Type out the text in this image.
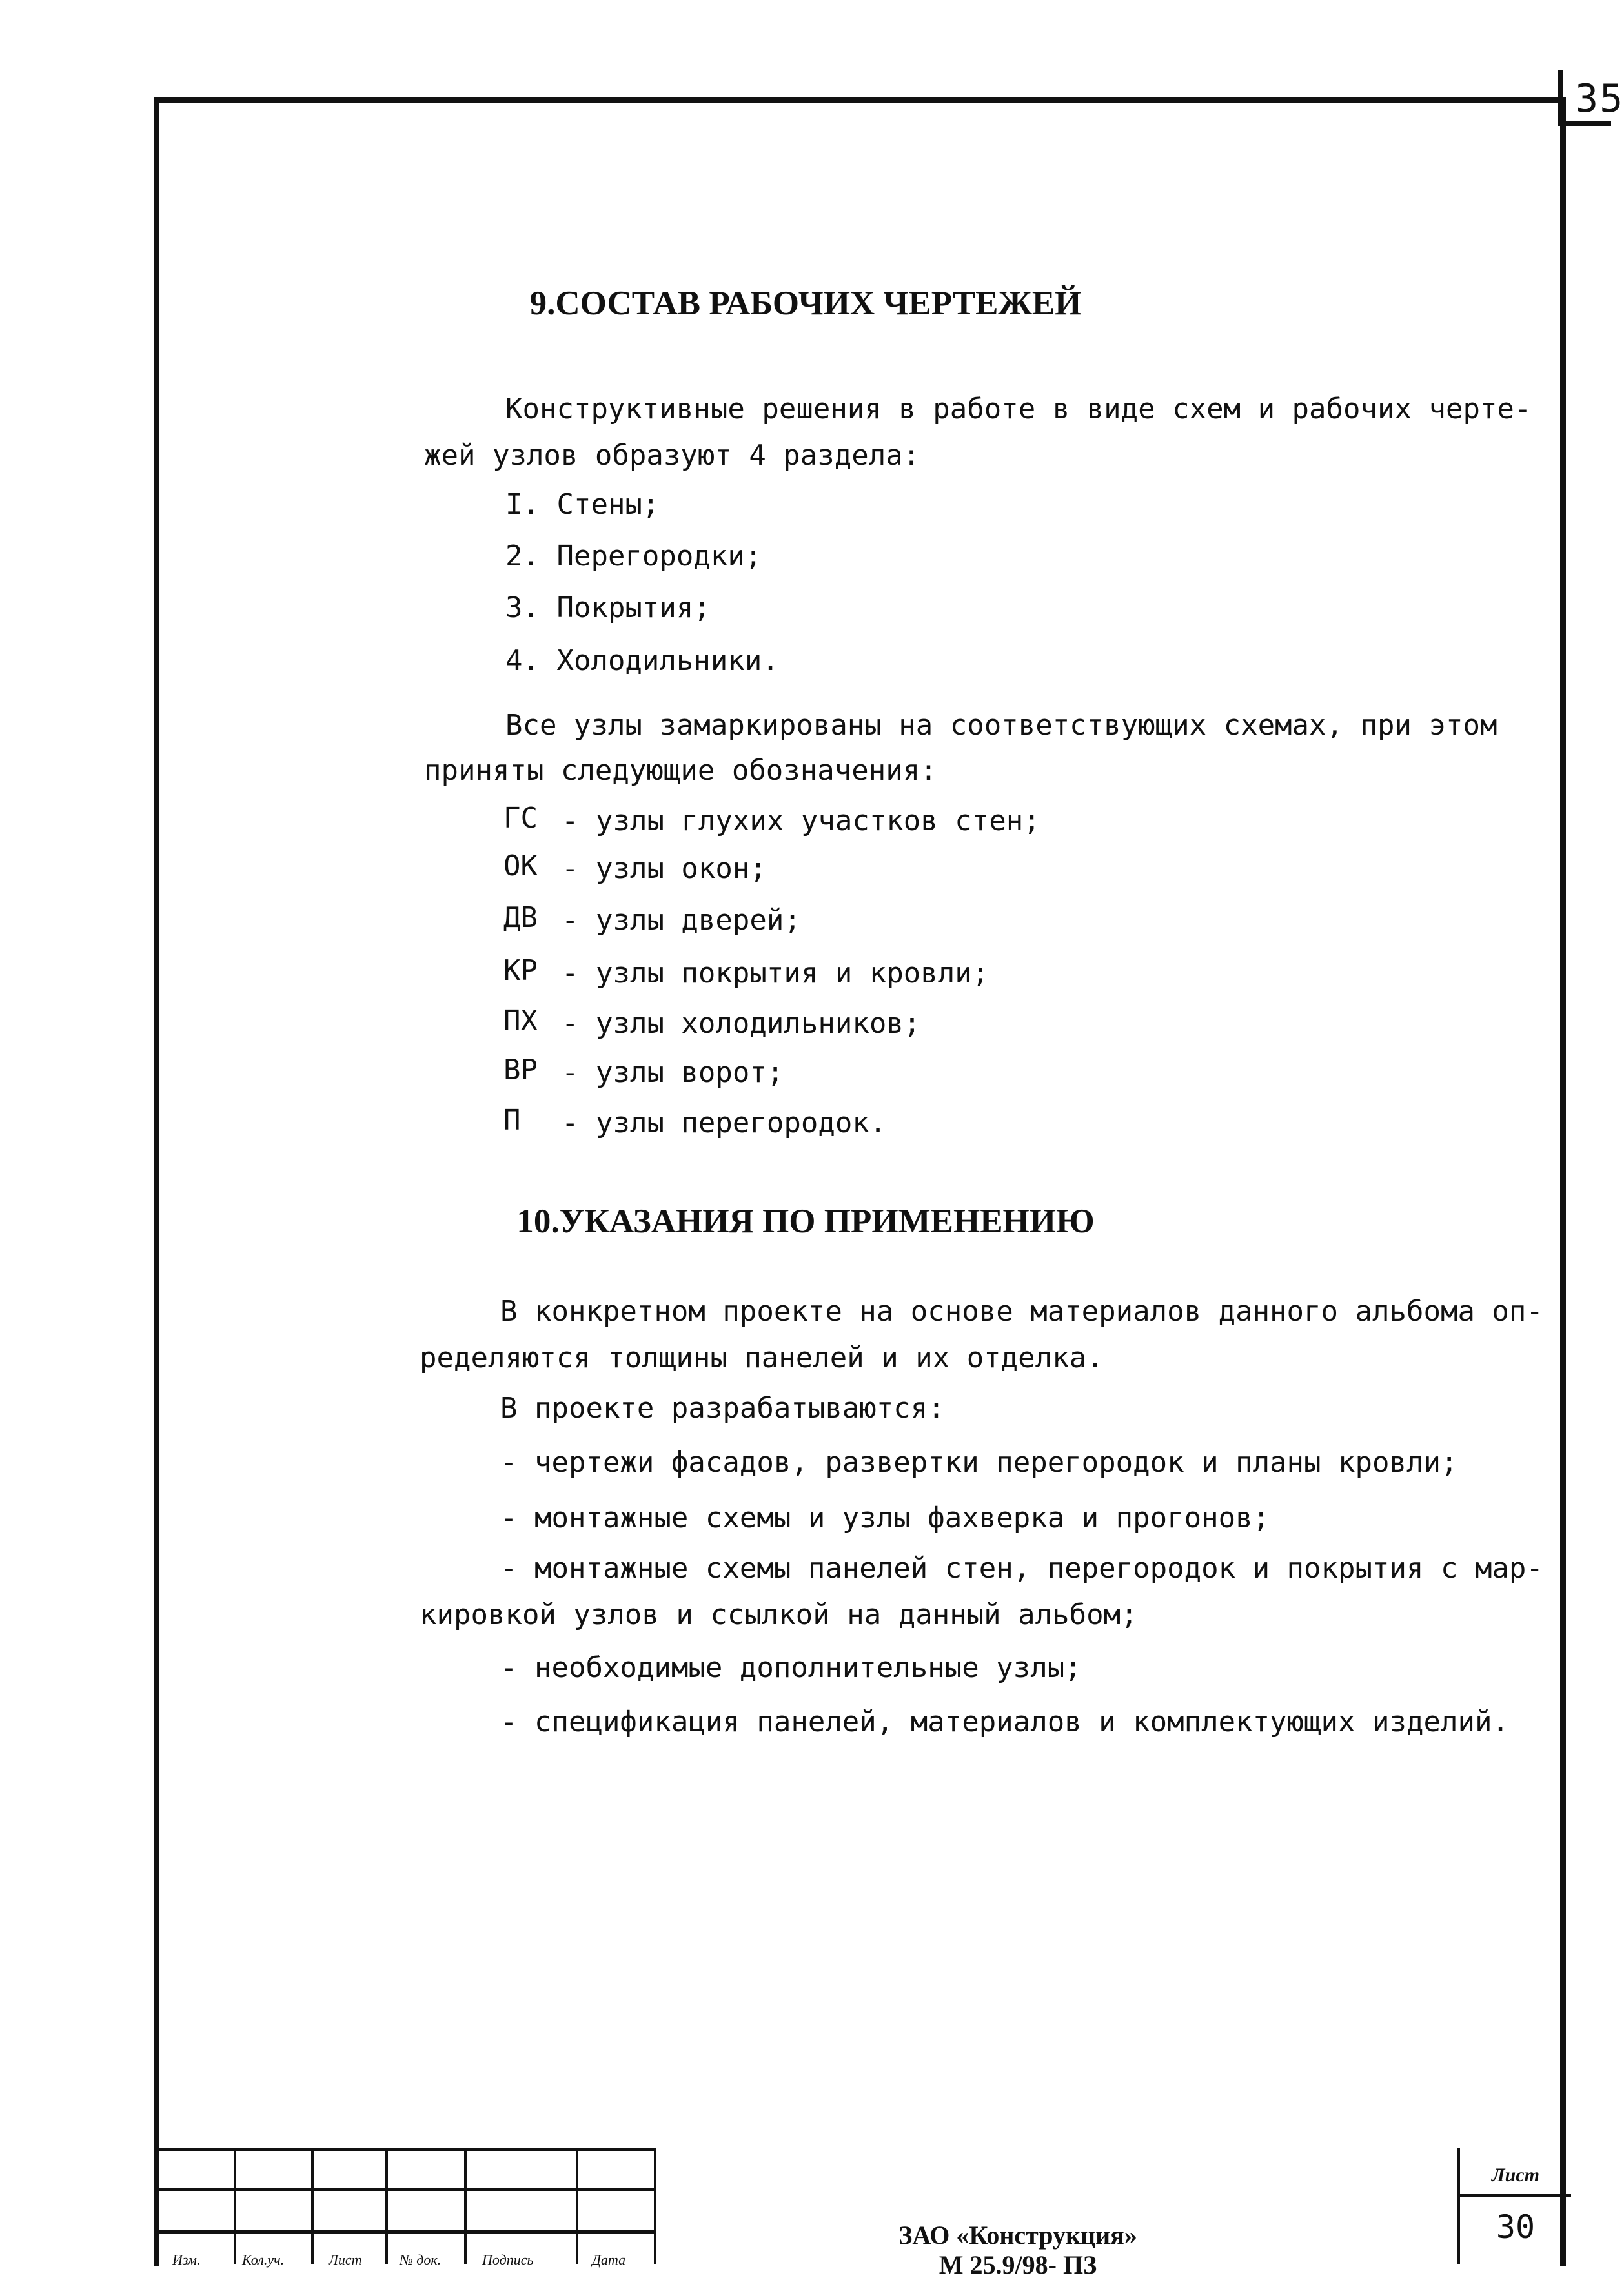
35
9.СОСТАВ РАБОЧИХ ЧЕРТЕЖЕЙ
Конструктивные решения в работе в виде схем и рабочих черте-
жей узлов образуют 4 раздела:
I. Стены;
2. Перегородки;
3. Покрытия;
4. Холодильники.
Все узлы замаркированы на соответствующих схемах, при этом
приняты следующие обозначения:
ГС - узлы глухих участков стен;
ОК - узлы окон;
ДВ - узлы дверей;
КР - узлы покрытия и кровли;
ПХ - узлы холодильников;
ВР - узлы ворот;
П - узлы перегородок.
10.УКАЗАНИЯ ПО ПРИМЕНЕНИЮ
В конкретном проекте на основе материалов данного альбома оп-
ределяются толщины панелей и их отделка.
В проекте разрабатываются:
- чертежи фасадов, развертки перегородок и планы кровли;
- монтажные схемы и узлы фахверка и прогонов;
- монтажные схемы панелей стен, перегородок и покрытия с мар-
кировкой узлов и ссылкой на данный альбом;
- необходимые дополнительные узлы;
- спецификация панелей, материалов и комплектующих изделий.
Изм.	Кол.уч.	Лист	№ док.	Подпись	Дата
ЗАО «Конструкция»
М 25.9/98- ПЗ
Лист
30
